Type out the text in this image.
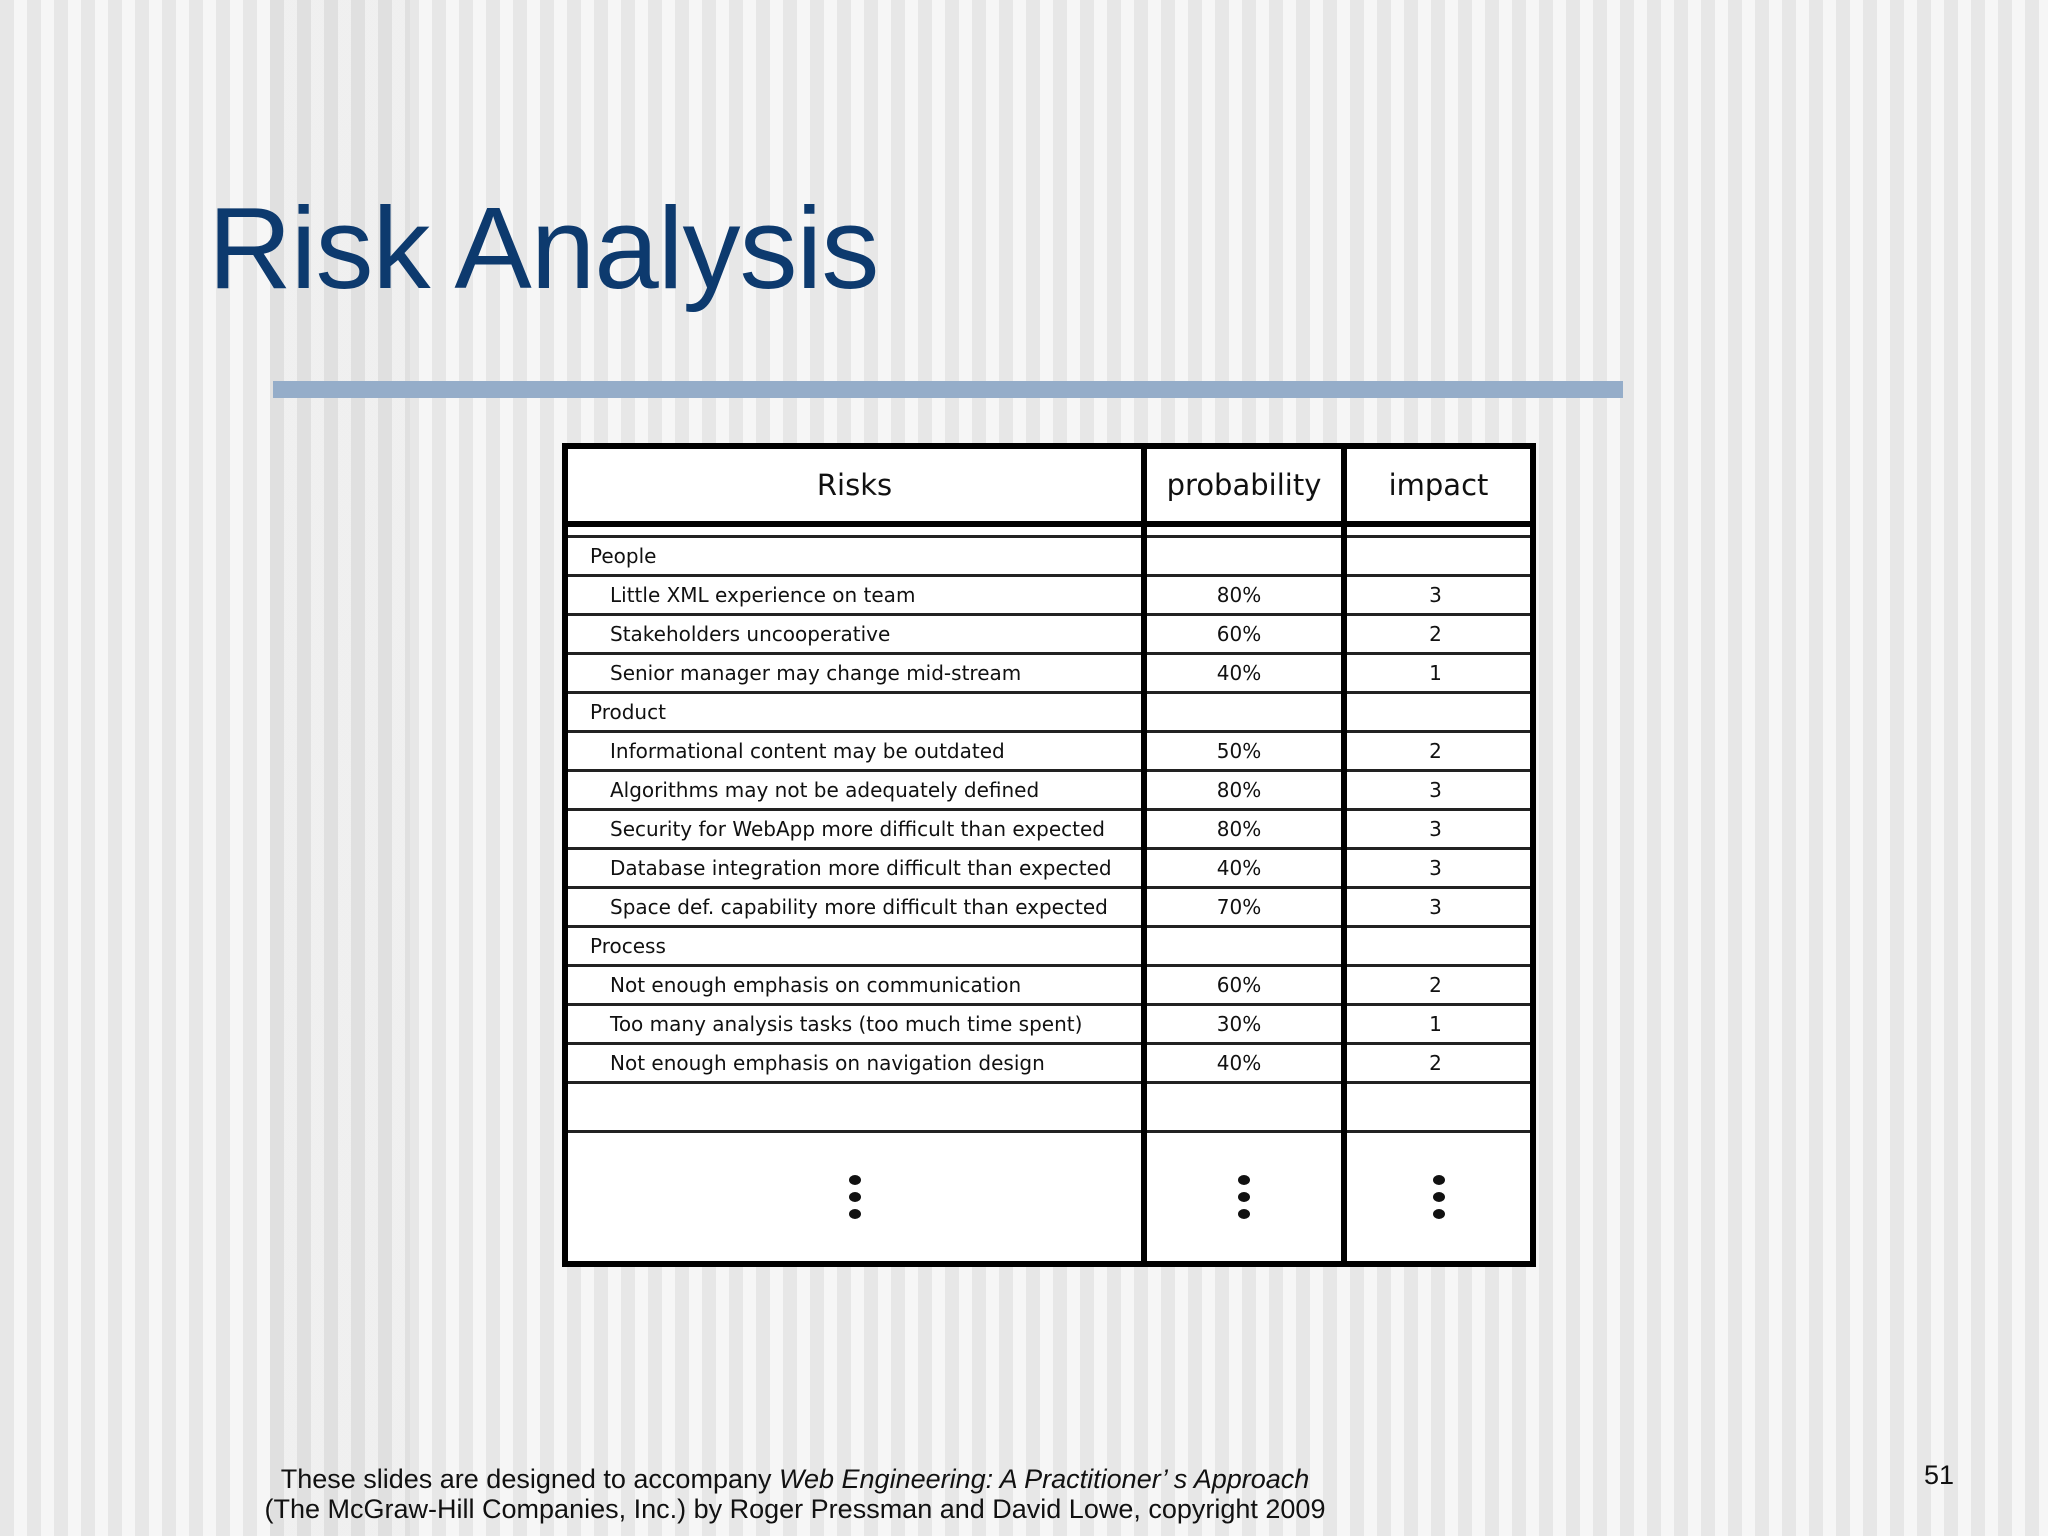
Risk Analysis
Risks	probability	impact

People		
Little XML experience on team	80%	3
Stakeholders uncooperative	60%	2
Senior manager may change mid-stream	40%	1
Product		
Informational content may be outdated	50%	2
Algorithms may not be adequately defined	80%	3
Security for WebApp more difficult than expected	80%	3
Database integration more difficult than expected	40%	3
Space def. capability more difficult than expected	70%	3
Process		
Not enough emphasis on communication	60%	2
Too many analysis tasks (too much time spent)	30%	1
Not enough emphasis on navigation design	40%	2

These slides are designed to accompany Web Engineering: A Practitioner’ s Approach
(The McGraw-Hill Companies, Inc.) by Roger Pressman and David Lowe, copyright 2009
51
